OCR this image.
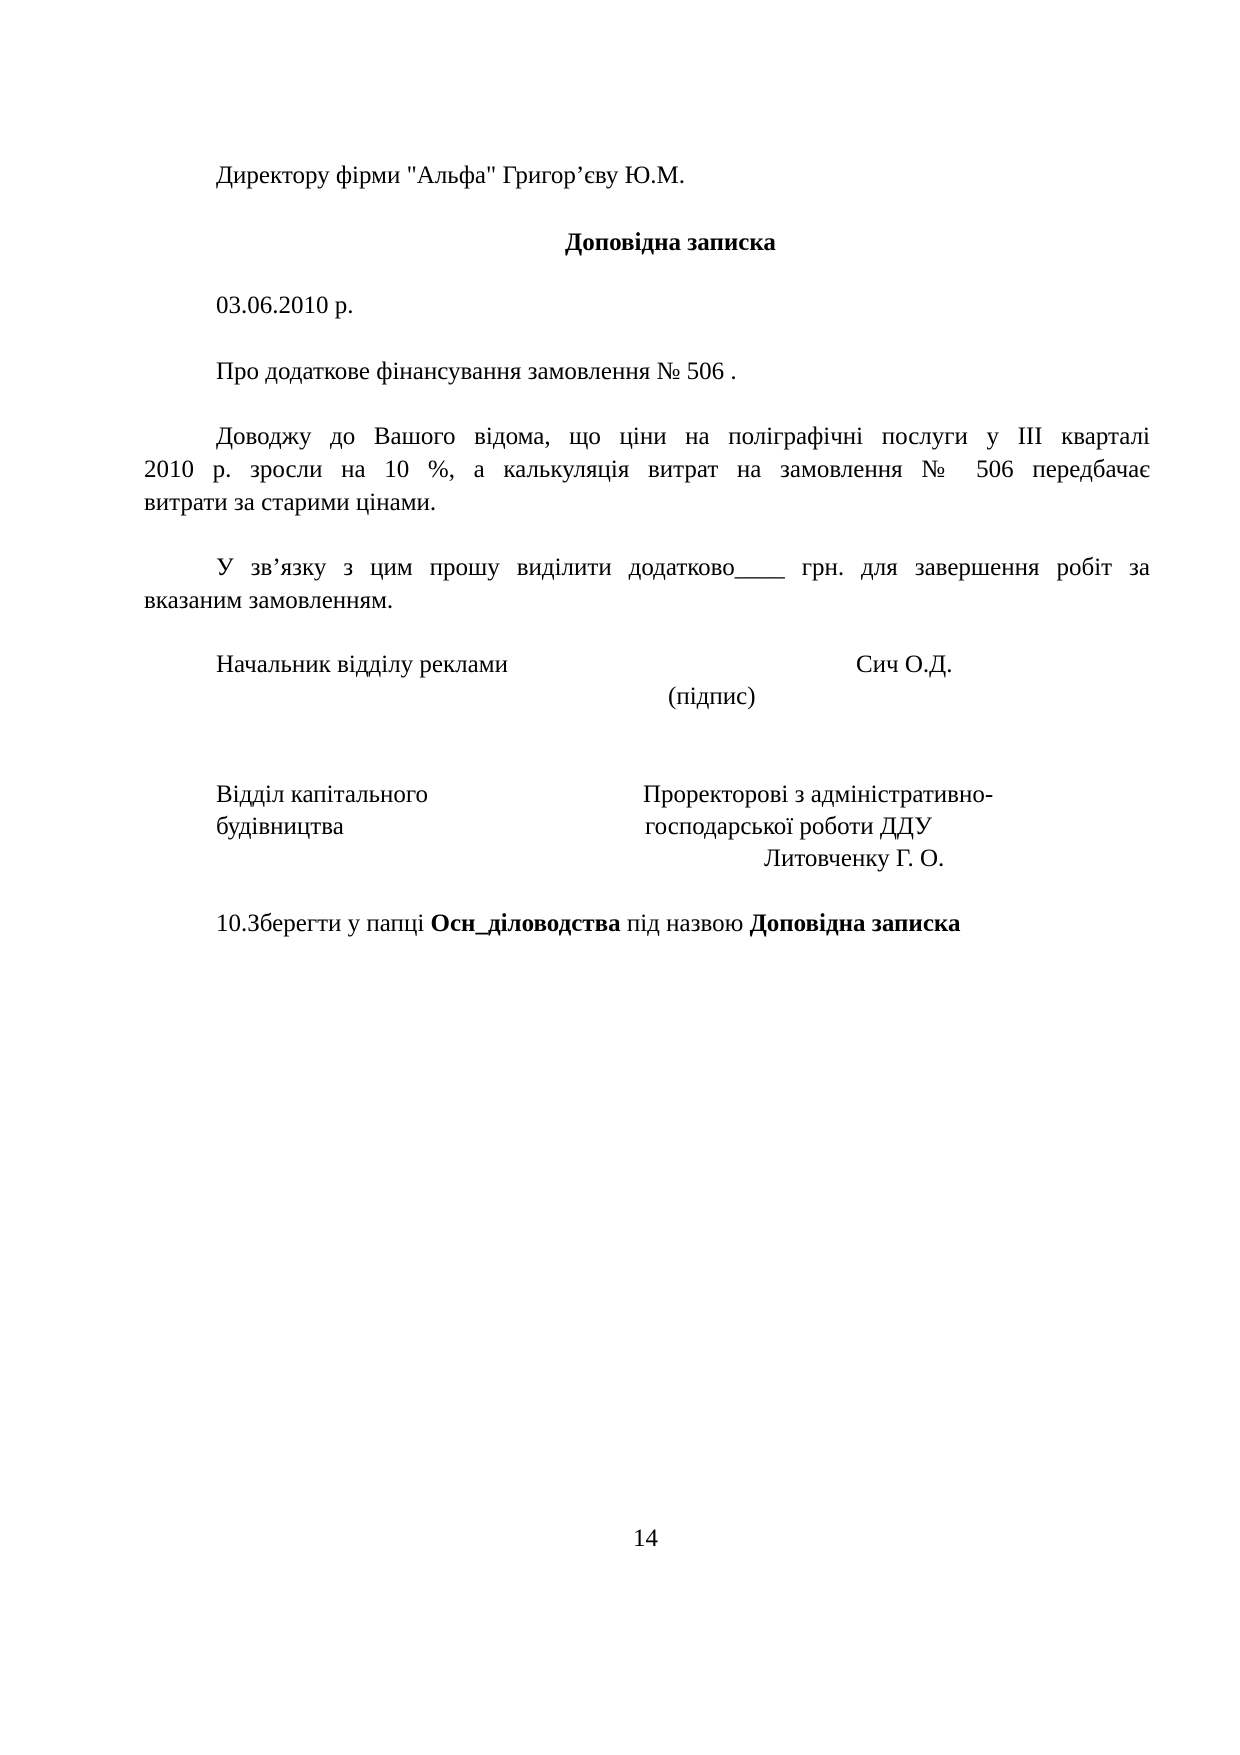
Директору фірми "Альфа" Григор’єву Ю.М.
Доповідна записка
03.06.2010 р.
Про додаткове фінансування замовлення № 506 .
Доводжу до Вашого відома, що ціни на поліграфічні послуги у ІІІ кварталі
2010 р. зросли на 10 %, а калькуляція витрат на замовлення № 506 передбачає
витрати за старими цінами.
У зв’язку з цим прошу виділити додатково____ грн. для завершення робіт за
вказаним замовленням.
Начальник відділу реклами	Сич О.Д.
(підпис)
Відділ капітального
будівництва
Проректорові з адміністративно-
господарської роботи ДДУ
Литовченку Г. О.
10.Зберегти у папці Осн_діловодства під назвою Доповідна записка
14
